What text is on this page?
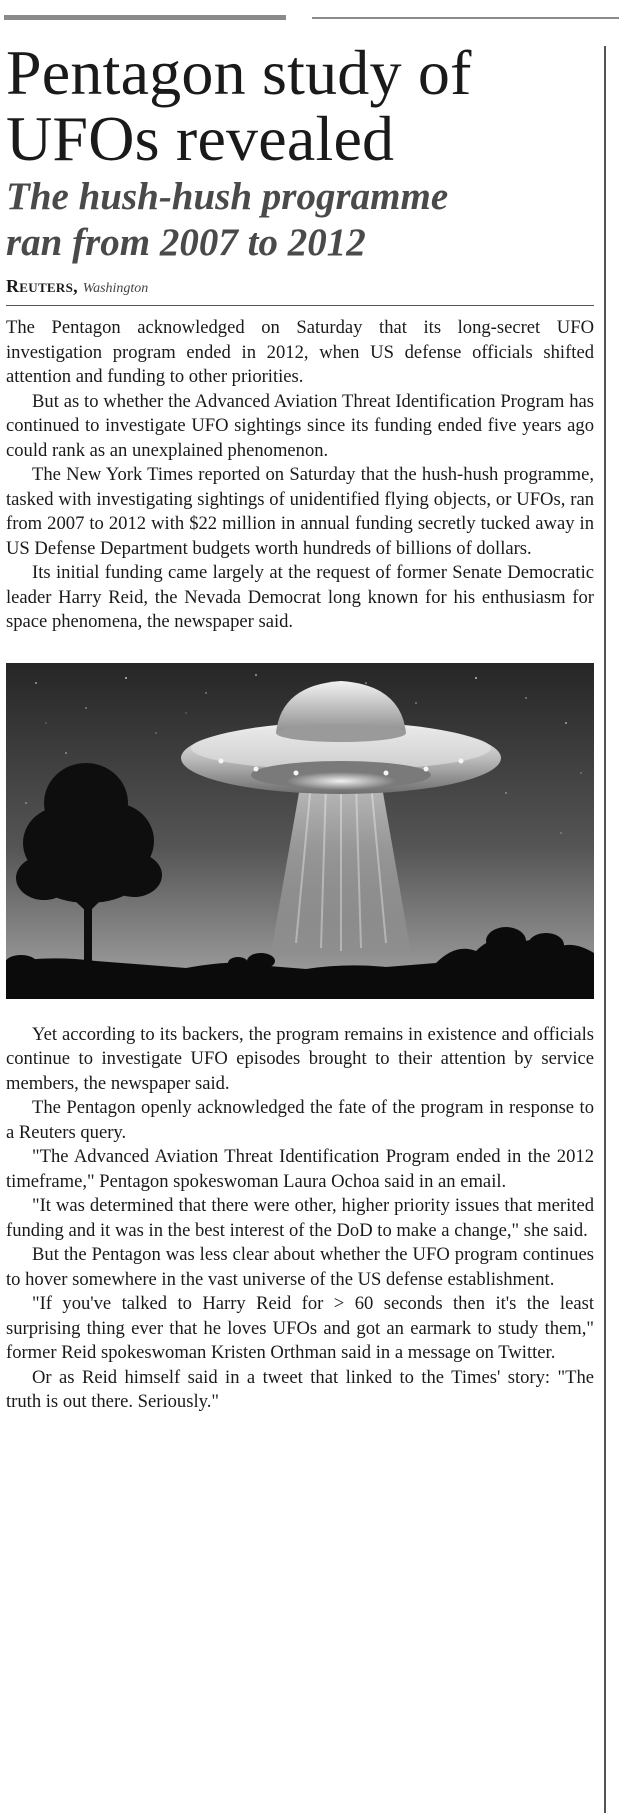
Pentagon study of
UFOs revealed
The hush-hush programme
ran from 2007 to 2012
Reuters, Washington

The Pentagon acknowledged on Saturday that its long-secret UFO investigation program ended in 2012, when US defense officials shifted attention and funding to other priorities.

But as to whether the Advanced Aviation Threat Identification Program has continued to investigate UFO sightings since its funding ended five years ago could rank as an unexplained phenomenon.

The New York Times reported on Saturday that the hush-hush programme, tasked with investigating sightings of unidentified flying objects, or UFOs, ran from 2007 to 2012 with $22 million in annual funding secretly tucked away in US Defense Department budgets worth hundreds of billions of dollars.

Its initial funding came largely at the request of former Senate Democratic leader Harry Reid, the Nevada Democrat long known for his enthusiasm for space phenomena, the newspaper said.

Yet according to its backers, the program remains in existence and officials continue to investigate UFO episodes brought to their attention by service members, the newspaper said.

The Pentagon openly acknowledged the fate of the program in response to a Reuters query.

"The Advanced Aviation Threat Identification Program ended in the 2012 timeframe," Pentagon spokeswoman Laura Ochoa said in an email.

"It was determined that there were other, higher priority issues that merited funding and it was in the best interest of the DoD to make a change," she said.

But the Pentagon was less clear about whether the UFO program continues to hover somewhere in the vast universe of the US defense establishment.

"If you've talked to Harry Reid for > 60 seconds then it's the least surprising thing ever that he loves UFOs and got an earmark to study them," former Reid spokeswoman Kristen Orthman said in a message on Twitter.

Or as Reid himself said in a tweet that linked to the Times' story: "The truth is out there. Seriously."
